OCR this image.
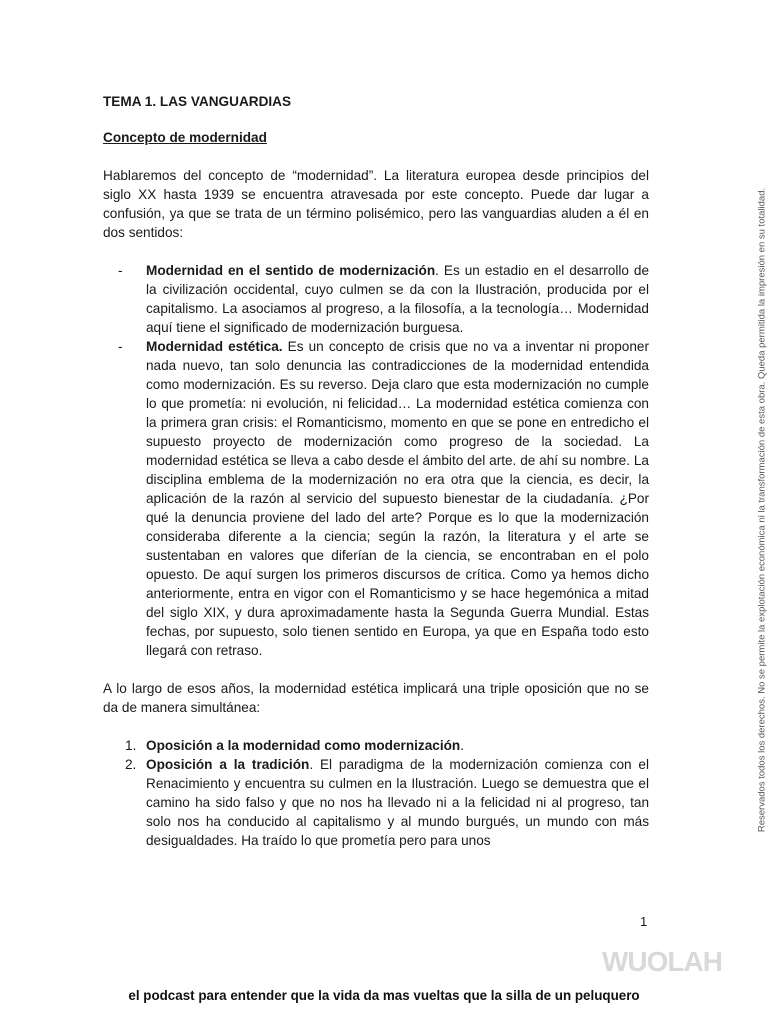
TEMA 1. LAS VANGUARDIAS
Concepto de modernidad

Hablaremos del concepto de “modernidad”. La literatura europea desde principios del siglo XX hasta 1939 se encuentra atravesada por este concepto. Puede dar lugar a confusión, ya que se trata de un término polisémico, pero las vanguardias aluden a él en dos sentidos:

- Modernidad en el sentido de modernización. Es un estadio en el desarrollo de la civilización occidental, cuyo culmen se da con la Ilustración, producida por el capitalismo. La asociamos al progreso, a la filosofía, a la tecnología… Modernidad aquí tiene el significado de modernización burguesa.
- Modernidad estética. Es un concepto de crisis que no va a inventar ni proponer nada nuevo, tan solo denuncia las contradicciones de la modernidad entendida como modernización. Es su reverso. Deja claro que esta modernización no cumple lo que prometía: ni evolución, ni felicidad… La modernidad estética comienza con la primera gran crisis: el Romanticismo, momento en que se pone en entredicho el supuesto proyecto de modernización como progreso de la sociedad. La modernidad estética se lleva a cabo desde el ámbito del arte. de ahí su nombre. La disciplina emblema de la modernización no era otra que la ciencia, es decir, la aplicación de la razón al servicio del supuesto bienestar de la ciudadanía. ¿Por qué la denuncia proviene del lado del arte? Porque es lo que la modernización consideraba diferente a la ciencia; según la razón, la literatura y el arte se sustentaban en valores que diferían de la ciencia, se encontraban en el polo opuesto. De aquí surgen los primeros discursos de crítica. Como ya hemos dicho anteriormente, entra en vigor con el Romanticismo y se hace hegemónica a mitad del siglo XIX, y dura aproximadamente hasta la Segunda Guerra Mundial. Estas fechas, por supuesto, solo tienen sentido en Europa, ya que en España todo esto llegará con retraso.

A lo largo de esos años, la modernidad estética implicará una triple oposición que no se da de manera simultánea:

1. Oposición a la modernidad como modernización.
2. Oposición a la tradición. El paradigma de la modernización comienza con el Renacimiento y encuentra su culmen en la Ilustración. Luego se demuestra que el camino ha sido falso y que no nos ha llevado ni a la felicidad ni al progreso, tan solo nos ha conducido al capitalismo y al mundo burgués, un mundo con más desigualdades. Ha traído lo que prometía pero para unos
1
Reservados todos los derechos. No se permite la explotación económica ni la transformación de esta obra. Queda permitida la impresión en su totalidad.
WUOLAH
el podcast para entender que la vida da mas vueltas que la silla de un peluquero
